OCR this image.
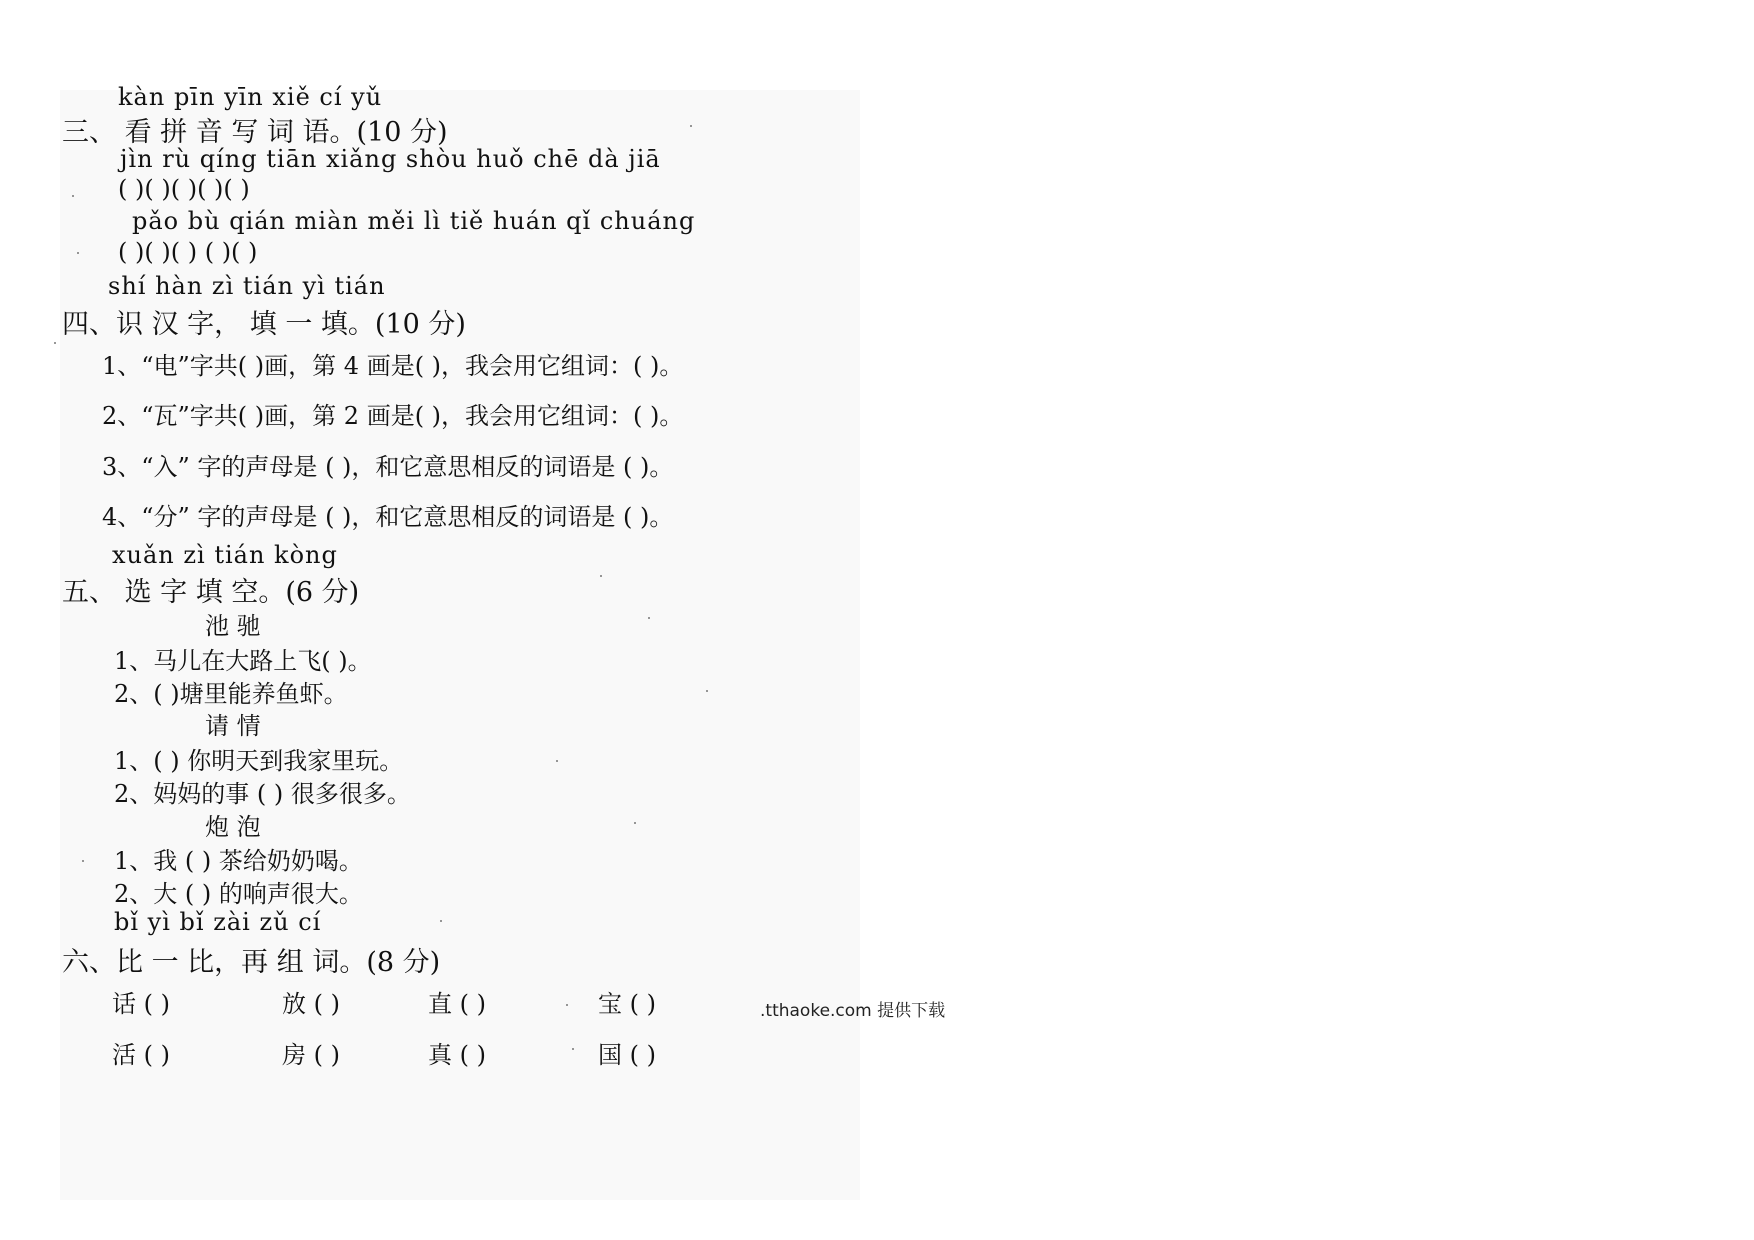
kàn pīn yīn xiě cí yǔ
三、 看 拼 音 写 词 语。(10 分)
jìn rù qíng tiān xiǎng shòu huǒ chē dà jiā
( )( )( )( )( )
pǎo bù qián miàn měi lì tiě huán qǐ chuáng
( )( )( ) ( )( )
shí hàn zì tián yì tián
四、识 汉 字， 填 一 填。(10 分)
1、“电”字共( )画，第 4 画是( )，我会用它组词：( )。
2、“瓦”字共( )画，第 2 画是( )，我会用它组词：( )。
3、“入” 字的声母是 ( )，和它意思相反的词语是 ( )。
4、“分” 字的声母是 ( )，和它意思相反的词语是 ( )。
xuǎn zì tián kòng
五、 选 字 填 空。(6 分)
池 驰
1、马儿在大路上飞( )。
2、( )塘里能养鱼虾。
请 情
1、( ) 你明天到我家里玩。
2、妈妈的事 ( ) 很多很多。
炮 泡
1、我 ( ) 茶给奶奶喝。
2、大 ( ) 的响声很大。
bǐ yì bǐ zài zǔ cí
六、比 一 比，再 组 词。(8 分)
话 ( )	放 ( )	直 ( )	宝 ( )
活 ( )	房 ( )	真 ( )	国 ( )
.tthaoke.com 提供下载
